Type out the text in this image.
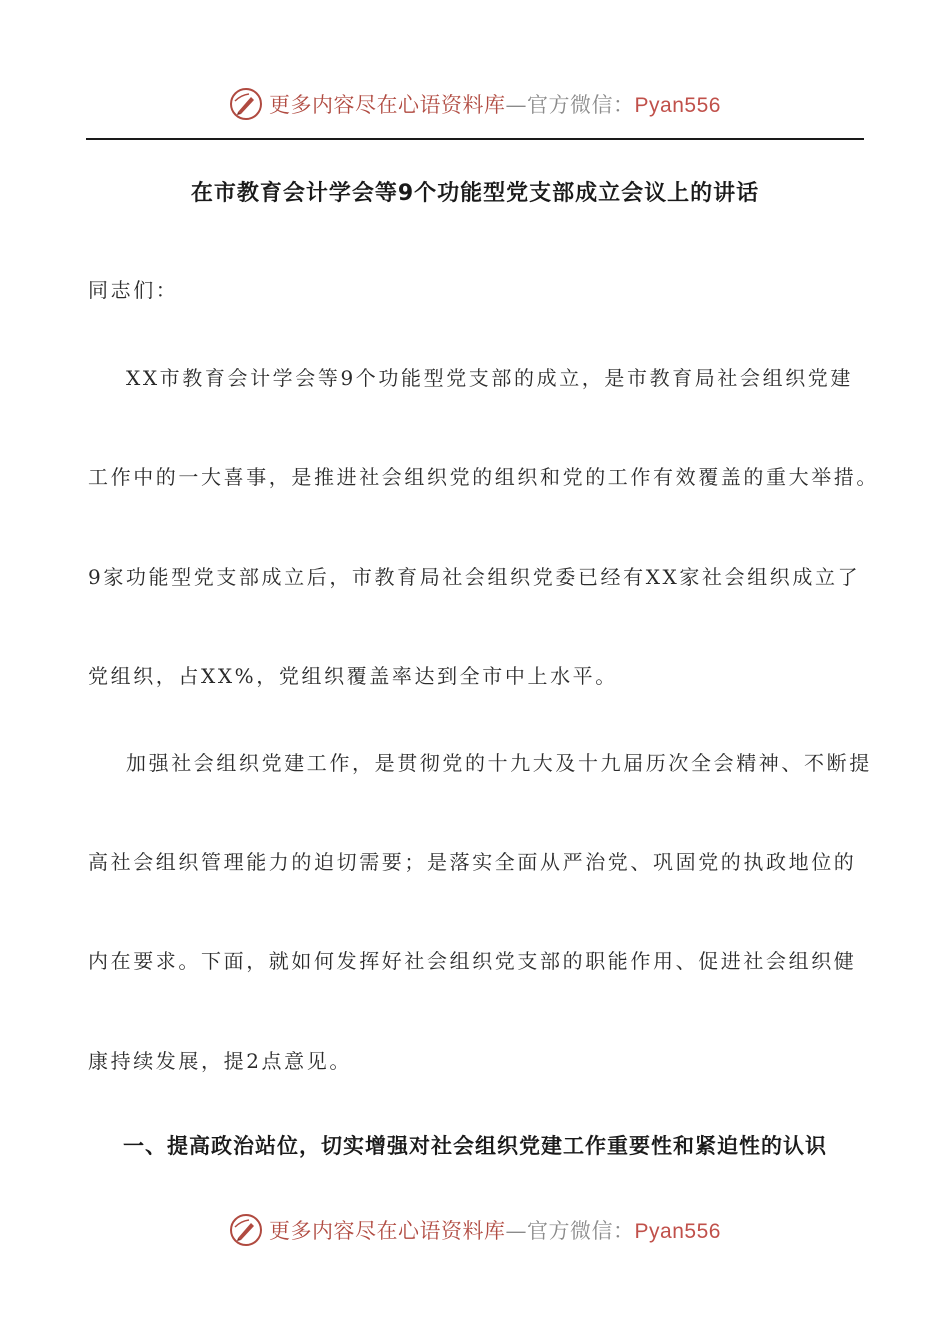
更多内容尽在心语资料库—官方微信：Pyan556
在市教育会计学会等9个功能型党支部成立会议上的讲话
同志们：
XX市教育会计学会等9个功能型党支部的成立，是市教育局社会组织党建
工作中的一大喜事，是推进社会组织党的组织和党的工作有效覆盖的重大举措。
9家功能型党支部成立后，市教育局社会组织党委已经有XX家社会组织成立了
党组织，占XX%，党组织覆盖率达到全市中上水平。
加强社会组织党建工作，是贯彻党的十九大及十九届历次全会精神、不断提
高社会组织管理能力的迫切需要；是落实全面从严治党、巩固党的执政地位的
内在要求。下面，就如何发挥好社会组织党支部的职能作用、促进社会组织健
康持续发展，提2点意见。
一、提高政治站位，切实增强对社会组织党建工作重要性和紧迫性的认识
更多内容尽在心语资料库—官方微信：Pyan556
